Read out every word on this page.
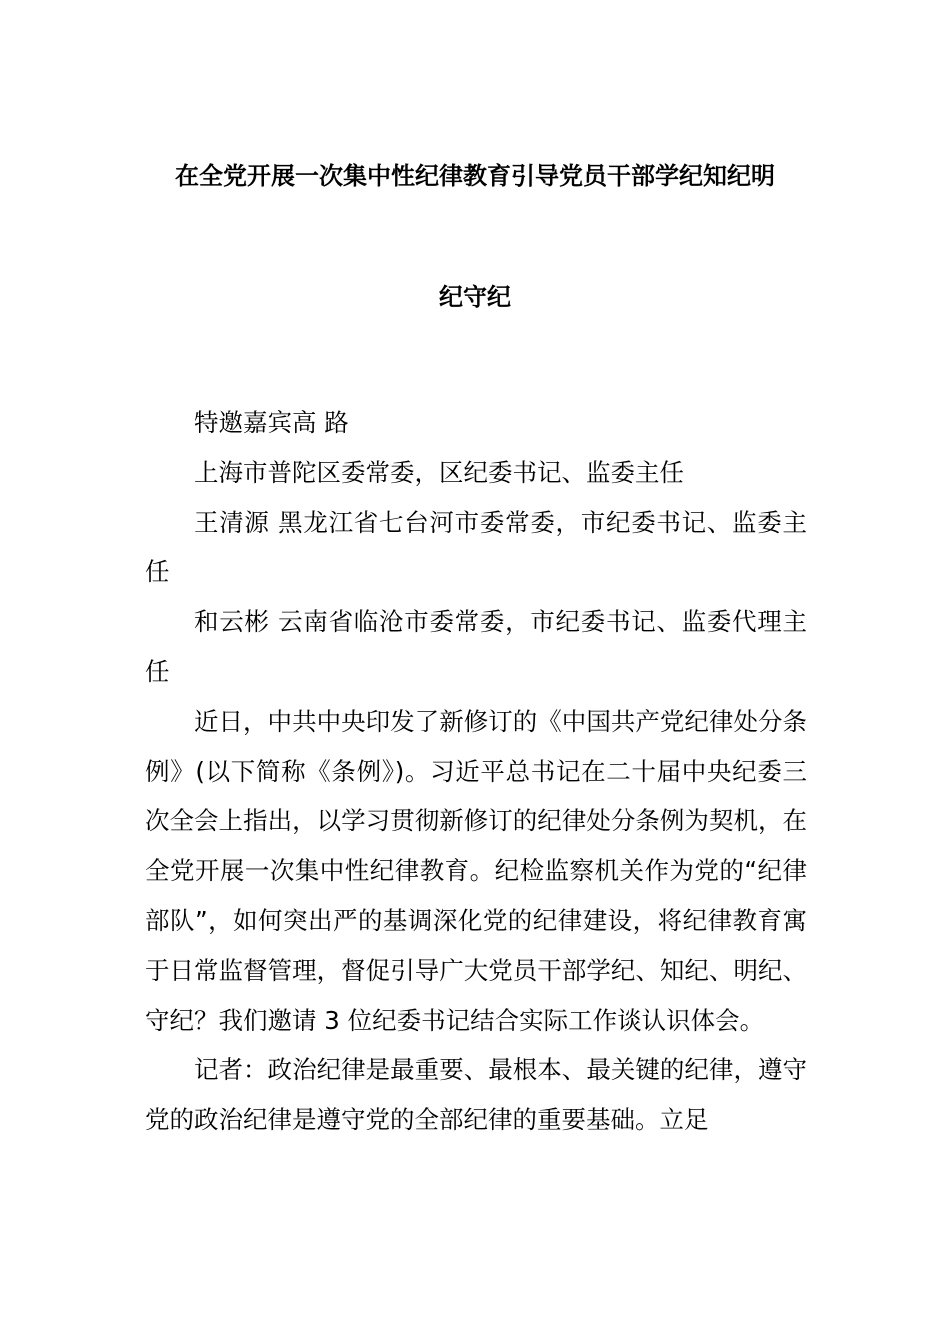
在全党开展一次集中性纪律教育引导党员干部学纪知纪明
纪守纪

特邀嘉宾高 路

上海市普陀区委常委，区纪委书记、监委主任

王清源 黑龙江省七台河市委常委，市纪委书记、监委主任

和云彬 云南省临沧市委常委，市纪委书记、监委代理主任

近日，中共中央印发了新修订的《中国共产党纪律处分条例》(以下简称《条例》)。习近平总书记在二十届中央纪委三次全会上指出，以学习贯彻新修订的纪律处分条例为契机，在全党开展一次集中性纪律教育。纪检监察机关作为党的“纪律部队”，如何突出严的基调深化党的纪律建设，将纪律教育寓于日常监督管理，督促引导广大党员干部学纪、知纪、明纪、守纪？我们邀请 3 位纪委书记结合实际工作谈认识体会。

记者：政治纪律是最重要、最根本、最关键的纪律，遵守党的政治纪律是遵守党的全部纪律的重要基础。立足
